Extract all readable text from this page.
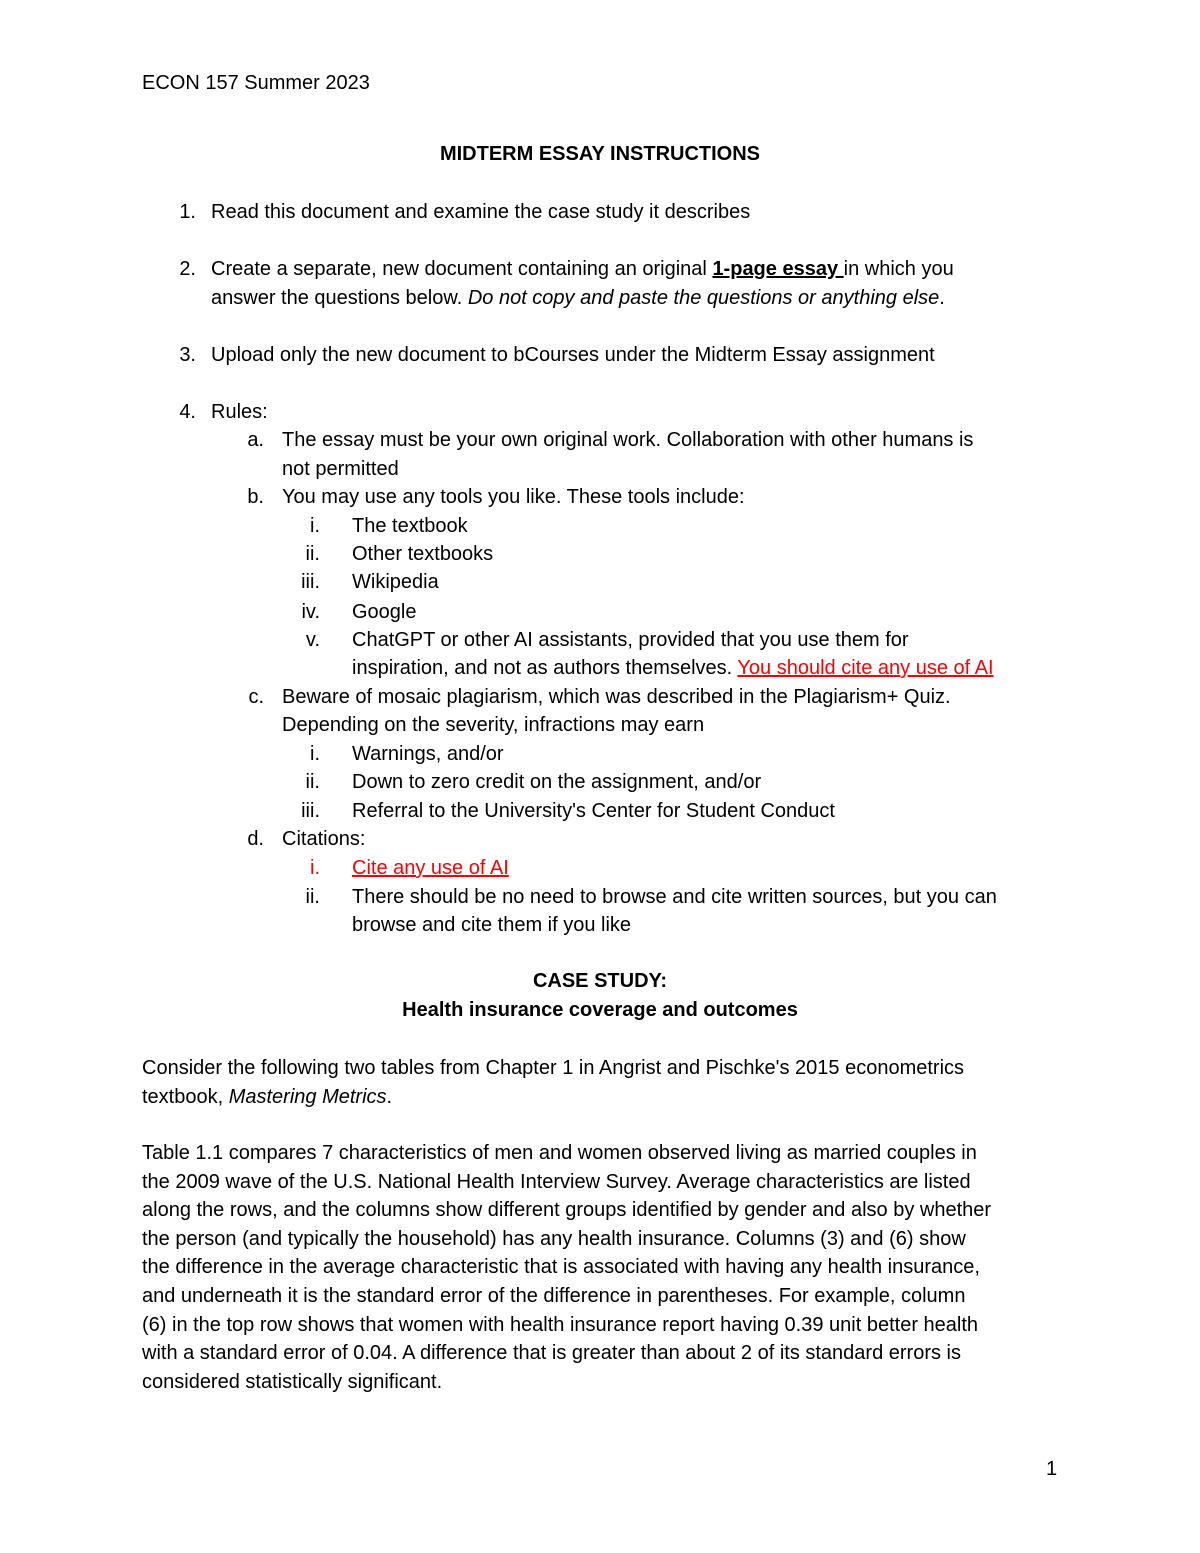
ECON 157 Summer 2023
MIDTERM ESSAY INSTRUCTIONS
1. Read this document and examine the case study it describes
2. Create a separate, new document containing an original 1-page essay in which you
answer the questions below. Do not copy and paste the questions or anything else.
3. Upload only the new document to bCourses under the Midterm Essay assignment
4. Rules:
a. The essay must be your own original work. Collaboration with other humans is
not permitted
b. You may use any tools you like. These tools include:
i. The textbook
ii. Other textbooks
iii. Wikipedia
iv. Google
v. ChatGPT or other AI assistants, provided that you use them for
inspiration, and not as authors themselves. You should cite any use of AI
c. Beware of mosaic plagiarism, which was described in the Plagiarism+ Quiz.
Depending on the severity, infractions may earn
i. Warnings, and/or
ii. Down to zero credit on the assignment, and/or
iii. Referral to the University's Center for Student Conduct
d. Citations:
i. Cite any use of AI
ii. There should be no need to browse and cite written sources, but you can
browse and cite them if you like
CASE STUDY:
Health insurance coverage and outcomes
Consider the following two tables from Chapter 1 in Angrist and Pischke's 2015 econometrics
textbook, Mastering Metrics.
Table 1.1 compares 7 characteristics of men and women observed living as married couples in
the 2009 wave of the U.S. National Health Interview Survey. Average characteristics are listed
along the rows, and the columns show different groups identified by gender and also by whether
the person (and typically the household) has any health insurance. Columns (3) and (6) show
the difference in the average characteristic that is associated with having any health insurance,
and underneath it is the standard error of the difference in parentheses. For example, column
(6) in the top row shows that women with health insurance report having 0.39 unit better health
with a standard error of 0.04. A difference that is greater than about 2 of its standard errors is
considered statistically significant.
1
